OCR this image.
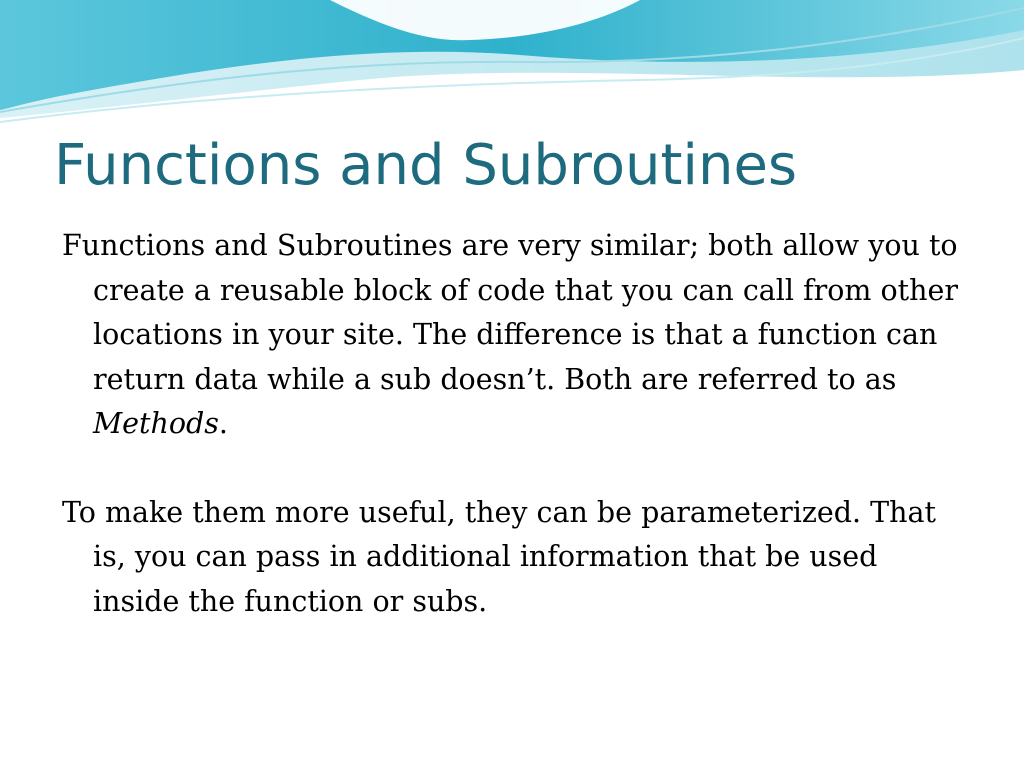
Functions and Subroutines

Functions and Subroutines are very similar; both allow you to create a reusable block of code that you can call from other locations in your site. The difference is that a function can return data while a sub doesn’t. Both are referred to as Methods.

To make them more useful, they can be parameterized. That is, you can pass in additional information that be used inside the function or subs.
